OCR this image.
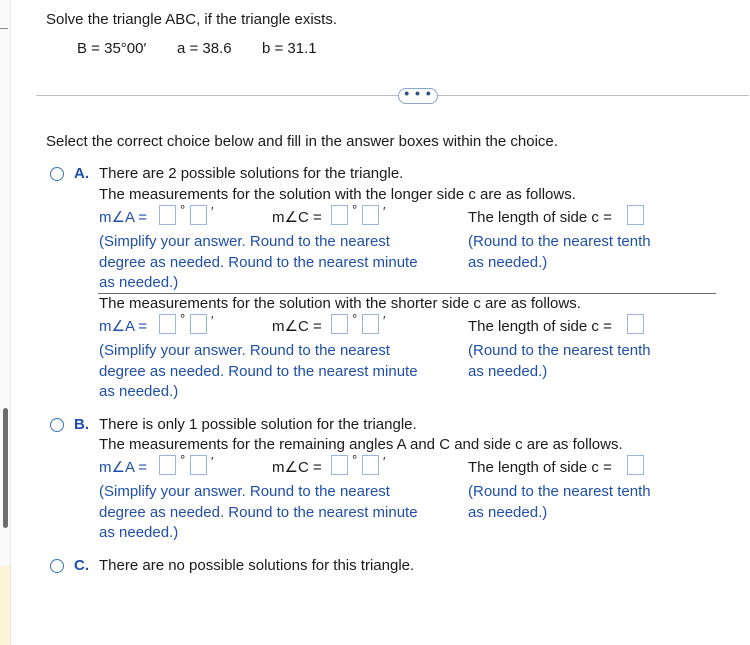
Solve the triangle ABC, if the triangle exists.
B = 35°00′ a = 38.6 b = 31.1
• • •
Select the correct choice below and fill in the answer boxes within the choice.
A. There are 2 possible solutions for the triangle.
The measurements for the solution with the longer side c are as follows.
m∠A =	° ′	m∠C = ° ′	The length of side c =
(Simplify your answer. Round to the nearest
degree as needed. Round to the nearest minute
as needed.)
(Round to the nearest tenth
as needed.)
The measurements for the solution with the shorter side c are as follows.
m∠A =	° ′	m∠C = ° ′	The length of side c =
(Simplify your answer. Round to the nearest
degree as needed. Round to the nearest minute
as needed.)
(Round to the nearest tenth
as needed.)
B. There is only 1 possible solution for the triangle.
The measurements for the remaining angles A and C and side c are as follows.
m∠A =	° ′	m∠C = ° ′	The length of side c =
(Simplify your answer. Round to the nearest
degree as needed. Round to the nearest minute
as needed.)
(Round to the nearest tenth
as needed.)
C. There are no possible solutions for this triangle.
